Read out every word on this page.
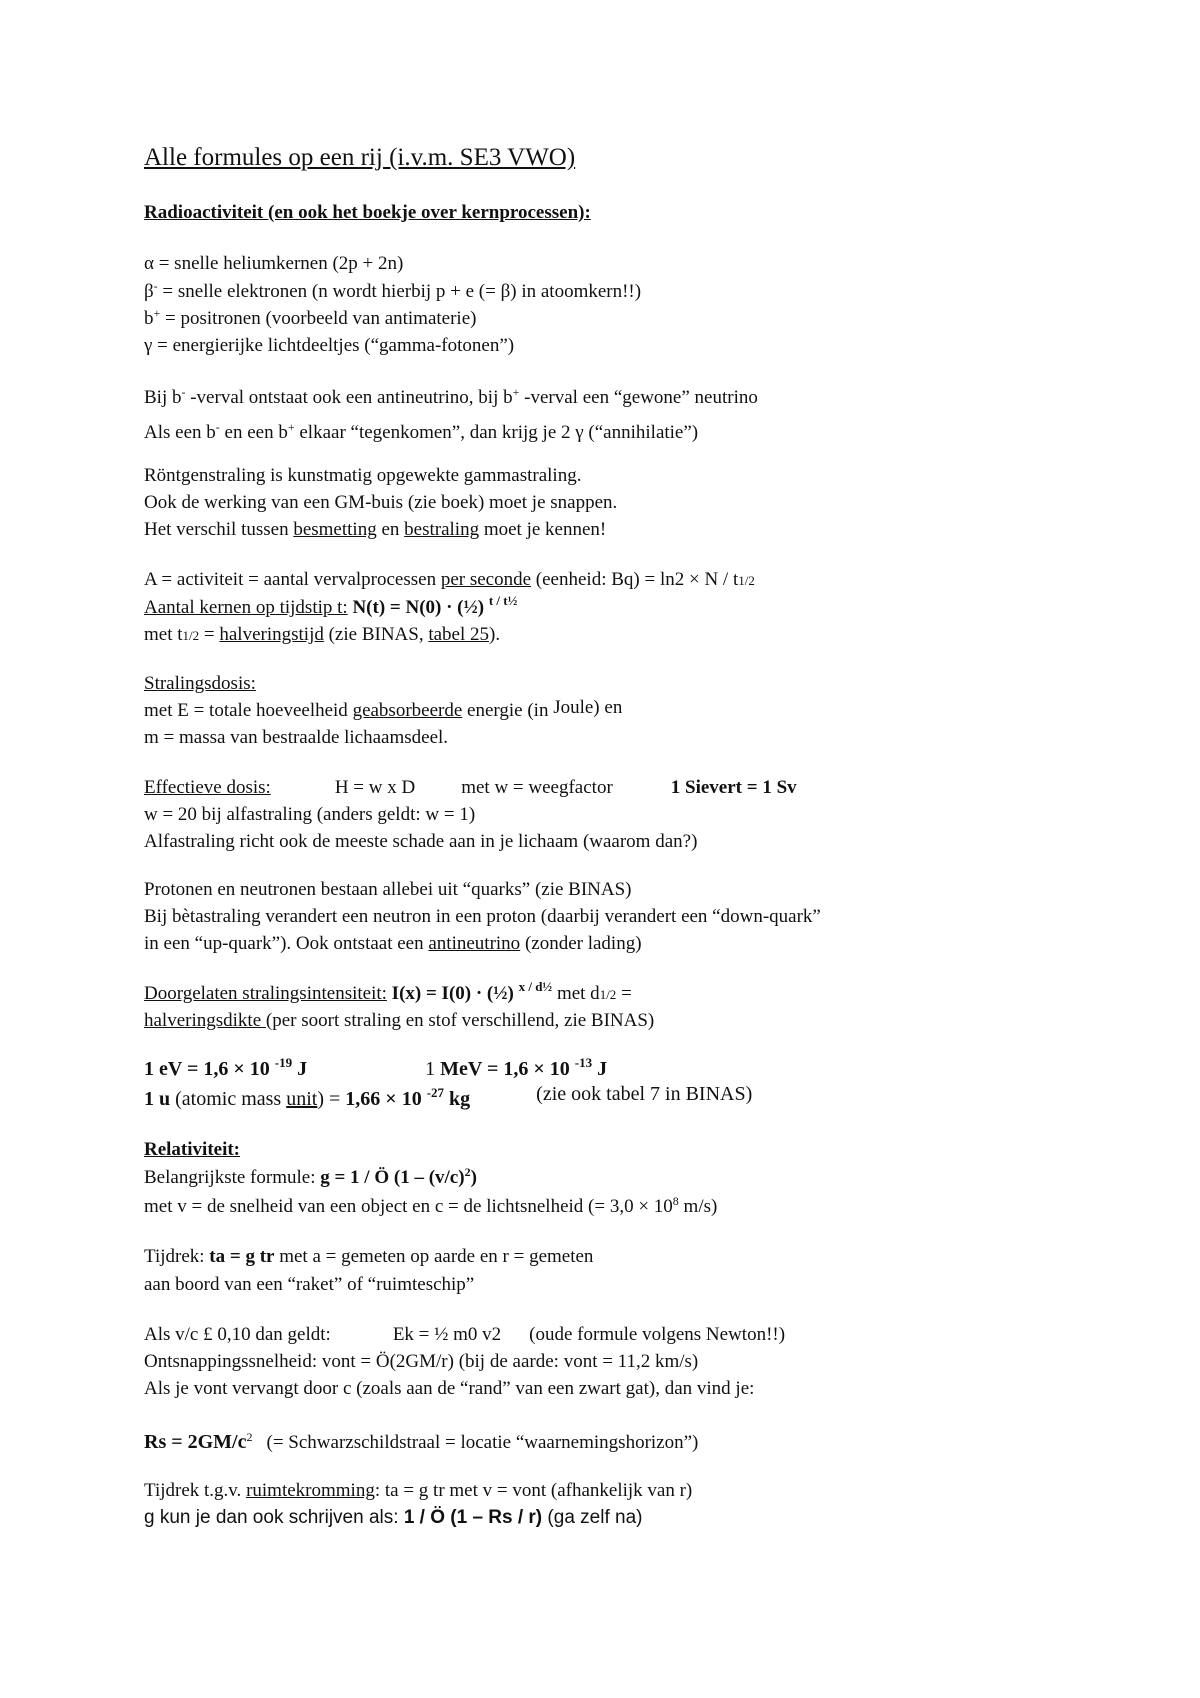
Alle formules op een rij (i.v.m. SE3 VWO)
Radioactiviteit (en ook het boekje over kernprocessen):
α = snelle heliumkernen (2p + 2n)
β- = snelle elektronen (n wordt hierbij p + e (= β) in atoomkern!!)
b+ = positronen (voorbeeld van antimaterie)
γ = energierijke lichtdeeltjes (“gamma-fotonen”)
Bij b- -verval ontstaat ook een antineutrino, bij b+ -verval een “gewone” neutrino
Als een b- en een b+ elkaar “tegenkomen”, dan krijg je 2 γ (“annihilatie”)
Röntgenstraling is kunstmatig opgewekte gammastraling.
Ook de werking van een GM-buis (zie boek) moet je snappen.
Het verschil tussen besmetting en bestraling moet je kennen!
A = activiteit = aantal vervalprocessen per seconde (eenheid: Bq) = ln2 × N / t1/2
Aantal kernen op tijdstip t: N(t) = N(0) · (½) $^{t / t\frac{1}{2}}$
met t1/2 = halveringstijd (zie BINAS, tabel 25).
Stralingsdosis:
met E = totale hoeveelheid geabsorbeerde energie (in Joule) en
m = massa van bestraalde lichaamsdeel.
Effectieve dosis:	H = w x D met w = weegfactor	1 Sievert = 1 Sv
w = 20 bij alfastraling (anders geldt: w = 1)
Alfastraling richt ook de meeste schade aan in je lichaam (waarom dan?)
Protonen en neutronen bestaan allebei uit “quarks” (zie BINAS)
Bij bètastraling verandert een neutron in een proton (daarbij verandert een “down-quark”
in een “up-quark”). Ook ontstaat een antineutrino (zonder lading)
Doorgelaten stralingsintensiteit: I(x) = I(0) · (½) $^{x / d\frac{1}{2}}$ met d1/2 =
halveringsdikte (per soort straling en stof verschillend, zie BINAS)
1 eV = 1,6 × 10 $^{-19}$ J	1 MeV = 1,6 × 10 $^{-13}$ J
1 u (atomic mass unit) = 1,66 × 10 $^{-27}$ kg	(zie ook tabel 7 in BINAS)
Relativiteit:
Belangrijkste formule: g = 1 / Ö $(1 - (v/c)^2)$
met v = de snelheid van een object en c = de lichtsnelheid (= $3,0 \times 10^8$ m/s)
Tijdrek: ta = g tr met a = gemeten op aarde en r = gemeten
aan boord van een “raket” of “ruimteschip”
Als v/c £ 0,10 dan geldt:	Ek = ½ m0 v2 (oude formule volgens Newton!!)
Ontsnappingssnelheid: vont = Ö(2GM/r) (bij de aarde: vont = 11,2 km/s)
Als je vont vervangt door c (zoals aan de “rand” van een zwart gat), dan vind je:
$Rs = 2GM/c^2$ (= Schwarzschildstraal = locatie “waarnemingshorizon”)
Tijdrek t.g.v. ruimtekromming: ta = g tr met v = vont (afhankelijk van r)
g kun je dan ook schrijven als: 1 / Ö (1 – Rs / r) (ga zelf na)
